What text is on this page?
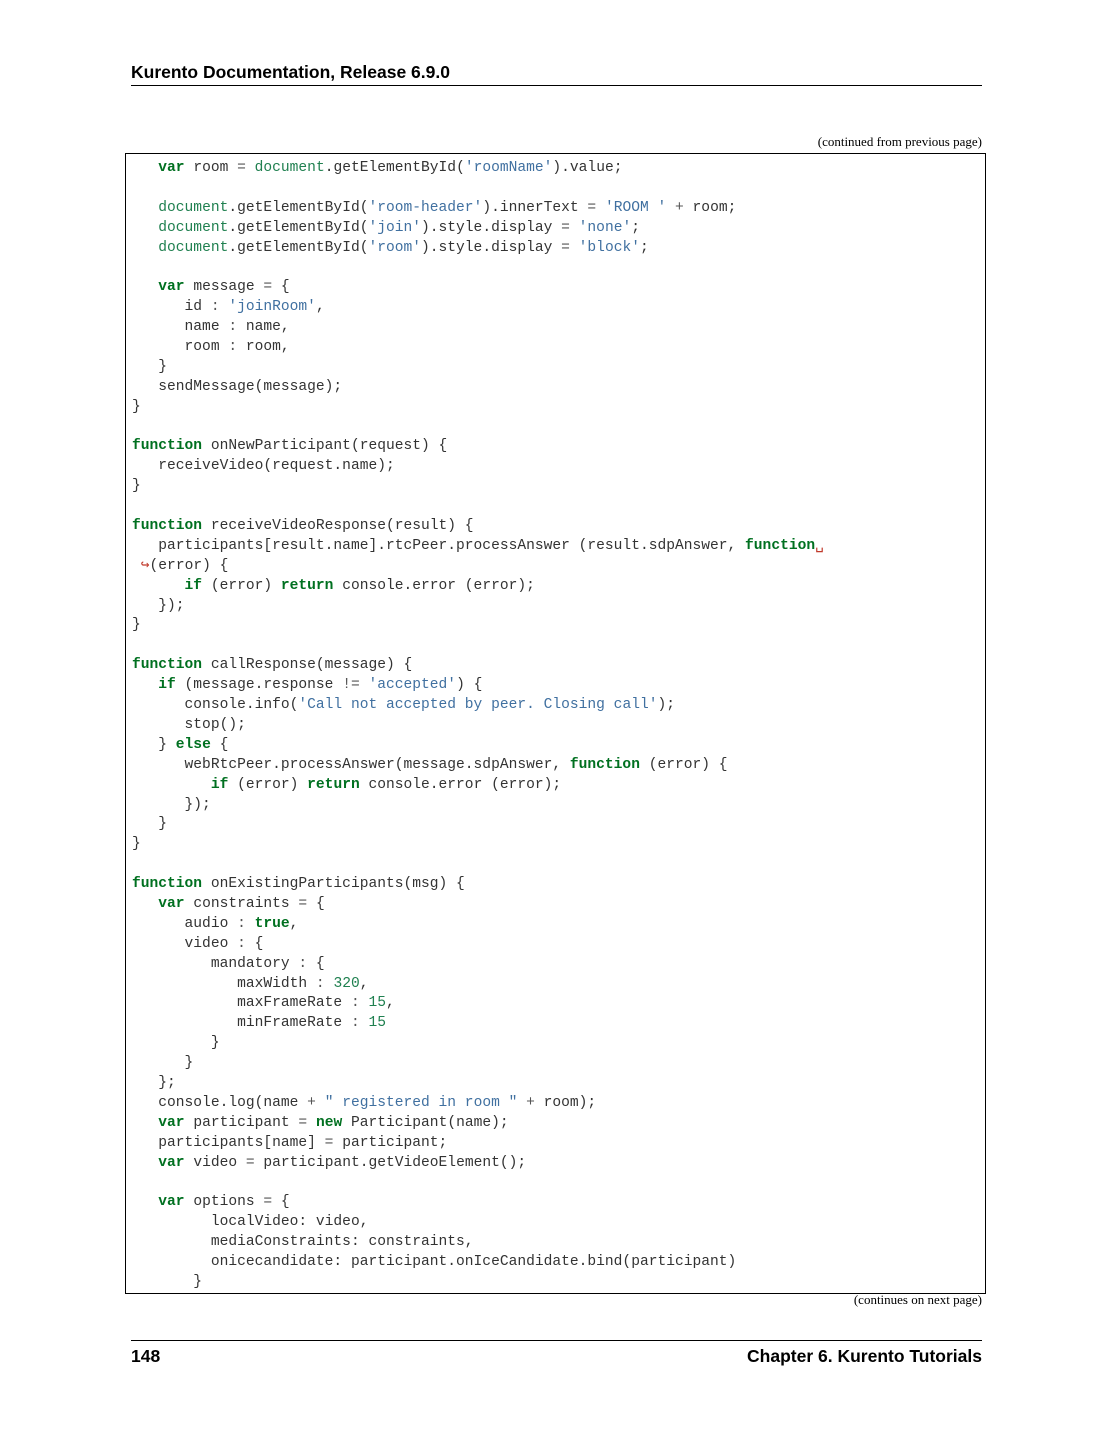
Kurento Documentation, Release 6.9.0
(continued from previous page)
var room = document.getElementById('roomName').value;
document.getElementById('room-header').innerText = 'ROOM ' + room;
document.getElementById('join').style.display = 'none';
document.getElementById('room').style.display = 'block';
var message = {
id : 'joinRoom',
name : name,
room : room,
}
sendMessage(message);
}
function onNewParticipant(request) {
receiveVideo(request.name);
}
function receiveVideoResponse(result) {
participants[result.name].rtcPeer.processAnswer (result.sdpAnswer, function␣
↪(error) {
if (error) return console.error (error);
});
}
function callResponse(message) {
if (message.response != 'accepted') {
console.info('Call not accepted by peer. Closing call');
stop();
} else {
webRtcPeer.processAnswer(message.sdpAnswer, function (error) {
if (error) return console.error (error);
});
}
}
function onExistingParticipants(msg) {
var constraints = {
audio : true,
video : {
mandatory : {
maxWidth : 320,
maxFrameRate : 15,
minFrameRate : 15
}
}
};
console.log(name + " registered in room " + room);
var participant = new Participant(name);
participants[name] = participant;
var video = participant.getVideoElement();
var options = {
localVideo: video,
mediaConstraints: constraints,
onicecandidate: participant.onIceCandidate.bind(participant)
}
(continues on next page)
148	Chapter 6. Kurento Tutorials
